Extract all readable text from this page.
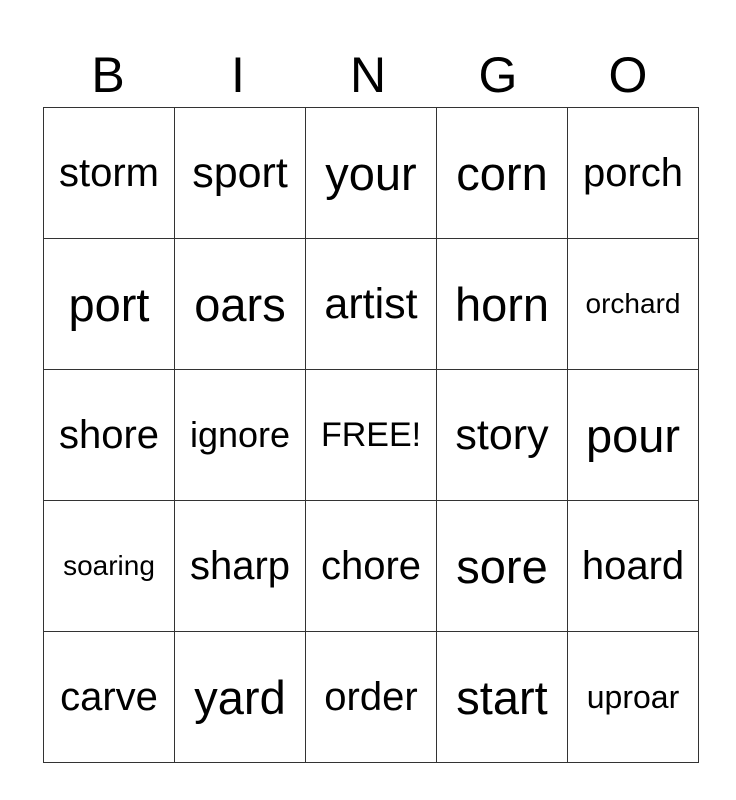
B	I	N	G	O
storm	sport	your	corn	porch
port	oars	artist	horn	orchard
shore	ignore	FREE!	story	pour
soaring	sharp	chore	sore	hoard
carve	yard	order	start	uproar
